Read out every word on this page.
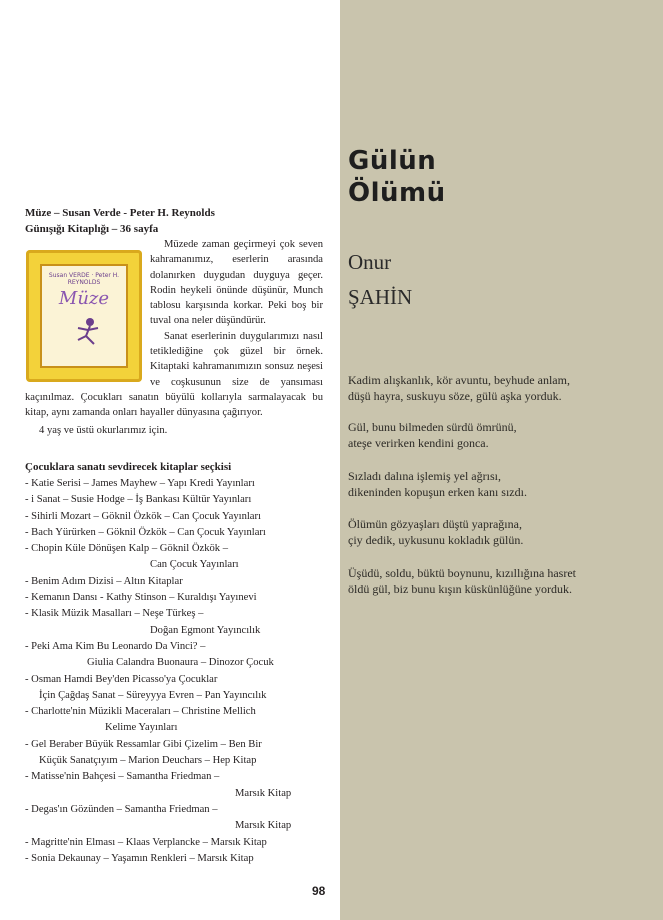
Müze – Susan Verde - Peter H. Reynolds
Günışığı Kitaplığı – 36 sayfa

Müzede zaman geçirmeyi çok seven kahramanımız, eserlerin arasında dolanırken duygudan duyguya geçer. Rodin heykeli önünde düşünür, Munch tablosu karşısında korkar. Peki boş bir tuval ona neler düşündürür.

Sanat eserlerinin duygularımızı nasıl tetiklediğine çok güzel bir örnek. Kitaptaki kahramanımızın sonsuz neşesi ve coşkusunun size de yansıması kaçınılmaz. Çocukları sanatın büyülü kollarıyla sarmalayacak bu kitap, aynı zamanda onları hayaller dünyasına çağırıyor.

4 yaş ve üstü okurlarımız için.

Susan VERDE · Peter H. REYNOLDS
Müze
Çocuklara sanatı sevdirecek kitaplar seçkisi
- Katie Serisi – James Mayhew – Yapı Kredi Yayınları
- i Sanat – Susie Hodge – İş Bankası Kültür Yayınları
- Sihirli Mozart – Göknil Özkök – Can Çocuk Yayınları
- Bach Yürürken – Göknil Özkök – Can Çocuk Yayınları
- Chopin Küle Dönüşen Kalp – Göknil Özkök –
Can Çocuk Yayınları
- Benim Adım Dizisi – Altın Kitaplar
- Kemanın Dansı - Kathy Stinson – Kuraldışı Yayınevi
- Klasik Müzik Masalları – Neşe Türkeş –
Doğan Egmont Yayıncılık
- Peki Ama Kim Bu Leonardo Da Vinci? –
Giulia Calandra Buonaura – Dinozor Çocuk
- Osman Hamdi Bey'den Picasso'ya Çocuklar
İçin Çağdaş Sanat – Süreyyya Evren – Pan Yayıncılık
- Charlotte'nin Müzikli Maceraları – Christine Mellich
Kelime Yayınları
- Gel Beraber Büyük Ressamlar Gibi Çizelim – Ben Bir
Küçük Sanatçıyım – Marion Deuchars – Hep Kitap
- Matisse'nin Bahçesi – Samantha Friedman –
Marsık Kitap
- Degas'ın Gözünden – Samantha Friedman –
Marsık Kitap
- Magritte'nin Elması – Klaas Verplancke – Marsık Kitap
- Sonia Dekaunay – Yaşamın Renkleri – Marsık Kitap
98
Gülün
Ölümü
Onur
ŞAHİN

Kadim alışkanlık, kör avuntu, beyhude anlam,
düşü hayra, suskuyu söze, gülü aşka yorduk.

Gül, bunu bilmeden sürdü ömrünü,
ateşe verirken kendini gonca.

Sızladı dalına işlemiş yel ağrısı,
dikeninden kopuşun erken kanı sızdı.

Ölümün gözyaşları düştü yaprağına,
çiy dedik, uykusunu kokladık gülün.

Üşüdü, soldu, büktü boynunu, kızıllığına hasret
öldü gül, biz bunu kışın küskünlüğüne yorduk.
